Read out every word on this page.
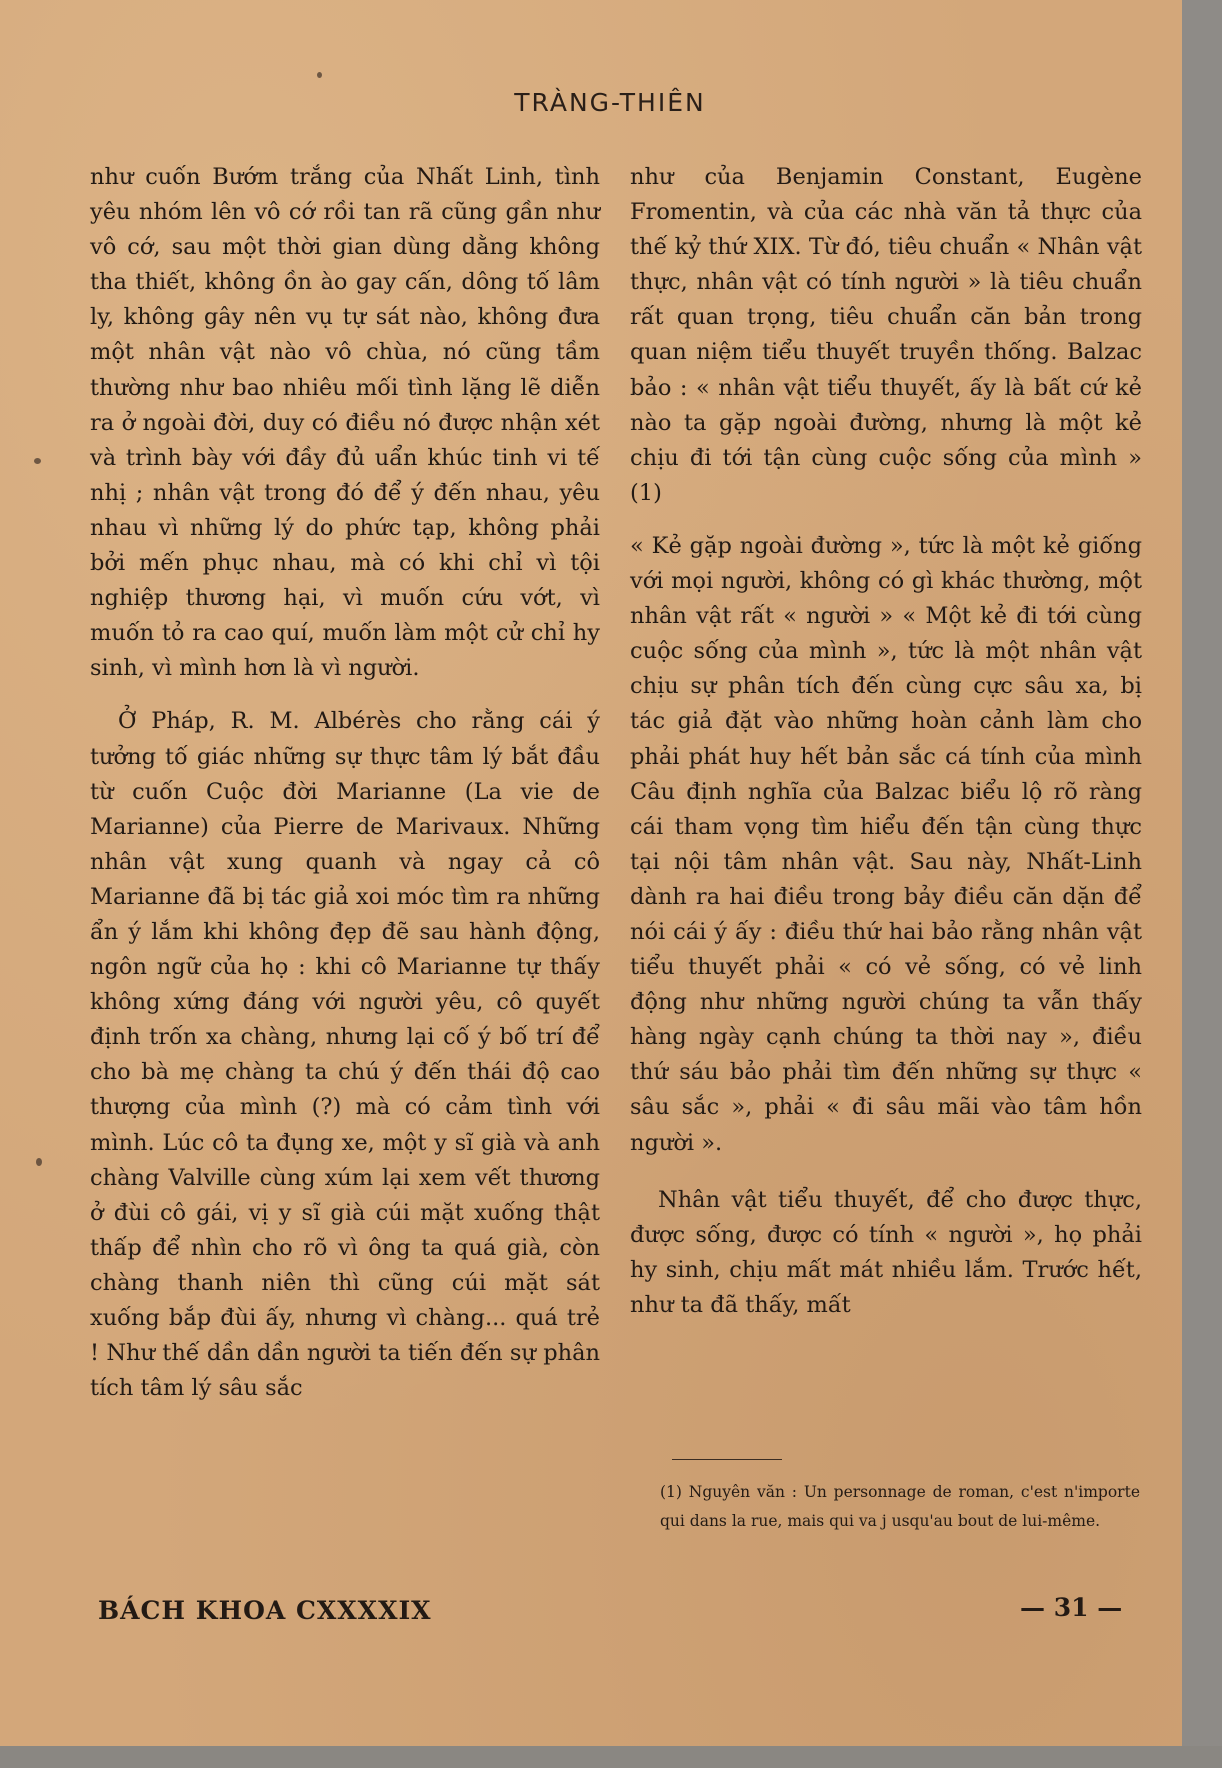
TRÀNG-THIÊN

như cuốn Bướm trắng của Nhất Linh, tình yêu nhóm lên vô cớ rồi tan rã cũng gần như vô cớ, sau một thời gian dùng dằng không tha thiết, không ồn ào gay cấn, dông tố lâm ly, không gây nên vụ tự sát nào, không đưa một nhân vật nào vô chùa, nó cũng tầm thường như bao nhiêu mối tình lặng lẽ diễn ra ở ngoài đời, duy có điều nó được nhận xét và trình bày với đầy đủ uẩn khúc tinh vi tế nhị ; nhân vật trong đó để ý đến nhau, yêu nhau vì những lý do phức tạp, không phải bởi mến phục nhau, mà có khi chỉ vì tội nghiệp thương hại, vì muốn cứu vớt, vì muốn tỏ ra cao quí, muốn làm một cử chỉ hy sinh, vì mình hơn là vì người.

Ở Pháp, R. M. Albérès cho rằng cái ý tưởng tố giác những sự thực tâm lý bắt đầu từ cuốn Cuộc đời Marianne (La vie de Marianne) của Pierre de Marivaux. Những nhân vật xung quanh và ngay cả cô Marianne đã bị tác giả xoi móc tìm ra những ẩn ý lắm khi không đẹp đẽ sau hành động, ngôn ngữ của họ : khi cô Marianne tự thấy không xứng đáng với người yêu, cô quyết định trốn xa chàng, nhưng lại cố ý bố trí để cho bà mẹ chàng ta chú ý đến thái độ cao thượng của mình (?) mà có cảm tình với mình. Lúc cô ta đụng xe, một y sĩ già và anh chàng Valville cùng xúm lại xem vết thương ở đùi cô gái, vị y sĩ già cúi mặt xuống thật thấp để nhìn cho rõ vì ông ta quá già, còn chàng thanh niên thì cũng cúi mặt sát xuống bắp đùi ấy, nhưng vì chàng... quá trẻ ! Như thế dần dần người ta tiến đến sự phân tích tâm lý sâu sắc

như của Benjamin Constant, Eugène Fromentin, và của các nhà văn tả thực của thế kỷ thứ XIX. Từ đó, tiêu chuẩn « Nhân vật thực, nhân vật có tính người » là tiêu chuẩn rất quan trọng, tiêu chuẩn căn bản trong quan niệm tiểu thuyết truyền thống. Balzac bảo : « nhân vật tiểu thuyết, ấy là bất cứ kẻ nào ta gặp ngoài đường, nhưng là một kẻ chịu đi tới tận cùng cuộc sống của mình » (1)

« Kẻ gặp ngoài đường », tức là một kẻ giống với mọi người, không có gì khác thường, một nhân vật rất « người » « Một kẻ đi tới cùng cuộc sống của mình », tức là một nhân vật chịu sự phân tích đến cùng cực sâu xa, bị tác giả đặt vào những hoàn cảnh làm cho phải phát huy hết bản sắc cá tính của mình Câu định nghĩa của Balzac biểu lộ rõ ràng cái tham vọng tìm hiểu đến tận cùng thực tại nội tâm nhân vật. Sau này, Nhất-Linh dành ra hai điều trong bảy điều căn dặn để nói cái ý ấy : điều thứ hai bảo rằng nhân vật tiểu thuyết phải « có vẻ sống, có vẻ linh động như những người chúng ta vẫn thấy hàng ngày cạnh chúng ta thời nay », điều thứ sáu bảo phải tìm đến những sự thực « sâu sắc », phải « đi sâu mãi vào tâm hồn người ».

Nhân vật tiểu thuyết, để cho được thực, được sống, được có tính « người », họ phải hy sinh, chịu mất mát nhiều lắm. Trước hết, như ta đã thấy, mất

(1) Nguyên văn : Un personnage de roman, c'est n'importe qui dans la rue, mais qui va j usqu'au bout de lui-même.
BÁCH KHOA CXXXXIX	— 31 —
